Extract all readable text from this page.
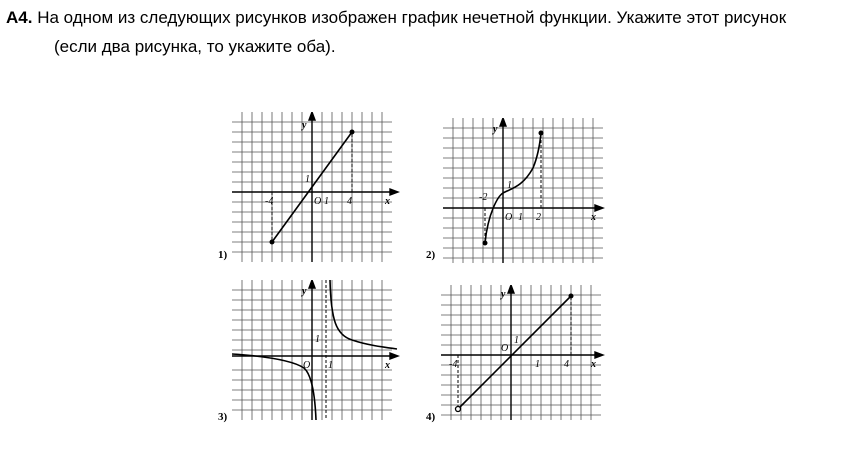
А4. На одном из следующих рисунков изображен график нечетной функции. Укажите этот рисунок
(если два рисунка, то укажите оба).
y
x
O 1
1
-4	4
1)
y
x
O 1
1
-2
2
2)
y
x
O 1
1
3)
y
x
O
1
1
-4	4
4)
